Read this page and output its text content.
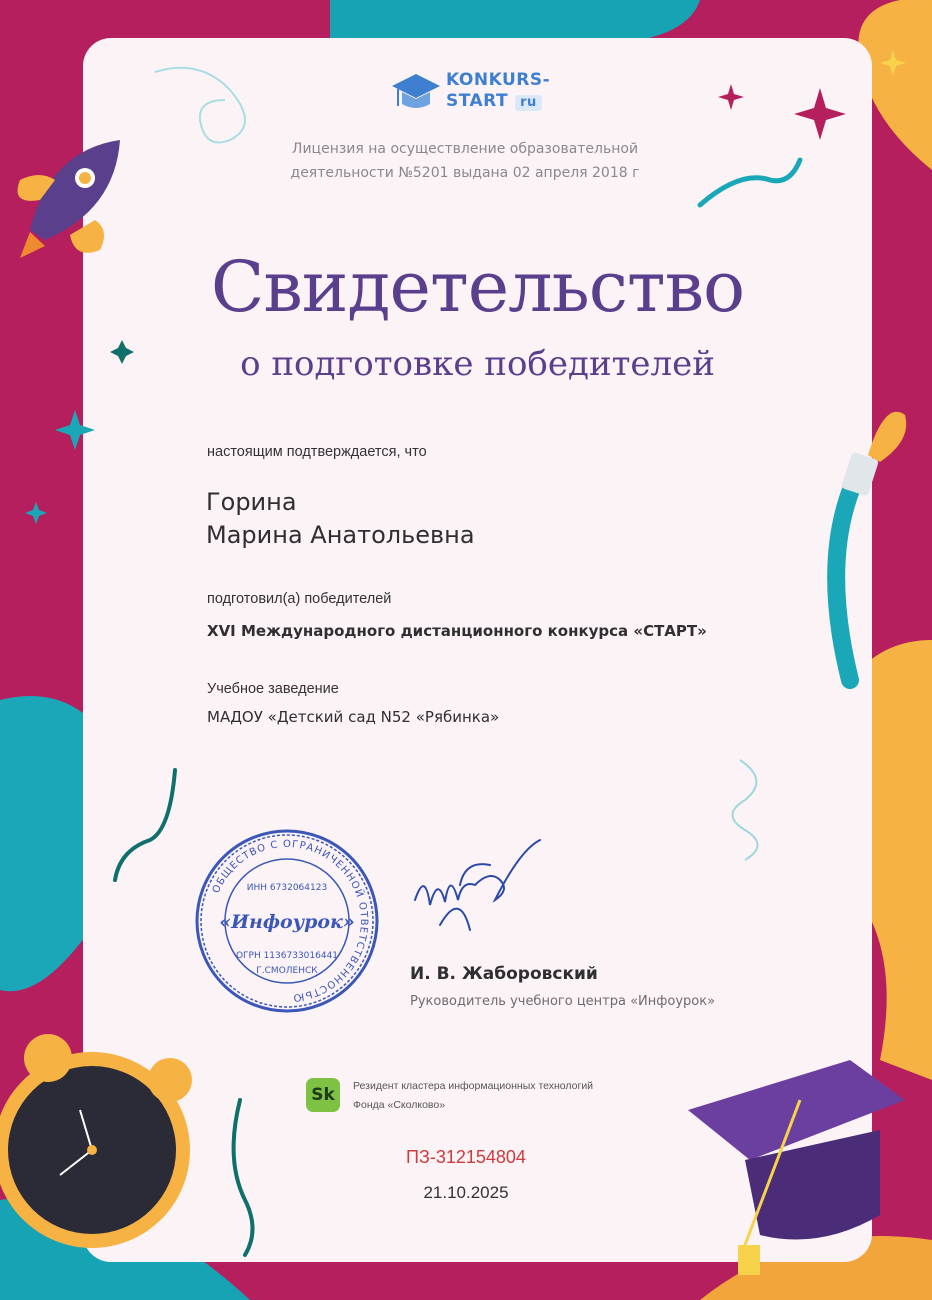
KONKURS-
START ru
Лицензия на осуществление образовательной
деятельности №5201 выдана 02 апреля 2018 г
Свидетельство
о подготовке победителей
настоящим подтверждается, что
Горина
Марина Анатольевна
подготовил(а) победителей
XVI Международного дистанционного конкурса «СТАРТ»
Учебное заведение
МАДОУ «Детский сад N52 «Рябинка»
ОБЩЕСТВО С ОГРАНИЧЕННОЙ ОТВЕТСТВЕННОСТЬЮ
ИНН 6732064123
«Инфоурок»
ОГРН 1136733016441
Г.СМОЛЕНСК	И. В. Жаборовский
Руководитель учебного центра «Инфоурок»
Sk	Резидент кластера информационных технологий
Фонда «Сколково»
ПЗ-312154804
21.10.2025
